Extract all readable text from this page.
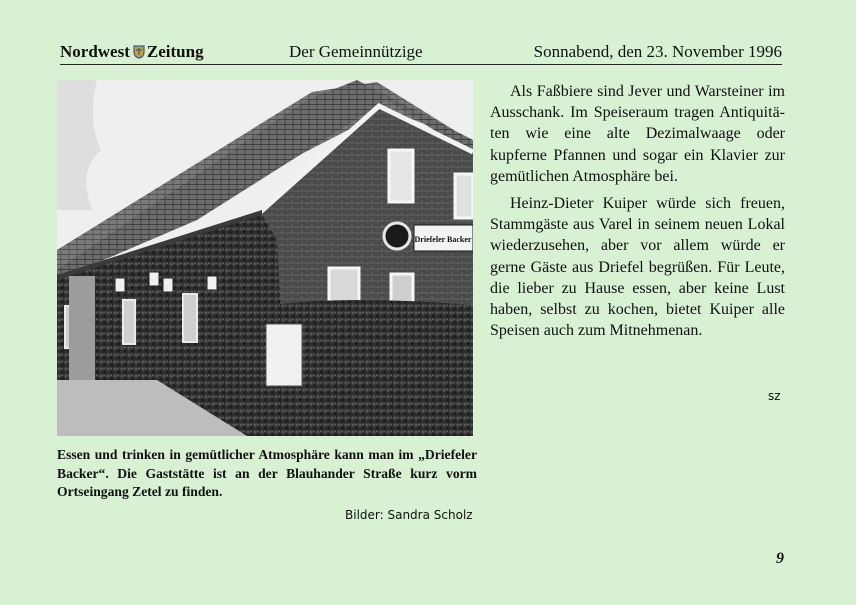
Nordwest Zeitung	Der Gemeinnützige	Sonnabend, den 23. November 1996
Driefeler Backer
Essen und trinken in gemütlicher Atmosphäre kann man im „Driefeler Backer“. Die Gaststätte ist an der Blauhander Straße kurz vorm Ortseingang Zetel zu finden.
Bilder: Sandra Scholz

Als Faßbiere sind Jever und Warsteiner im Ausschank. Im Speiseraum tragen Antiquitä-ten wie eine alte Dezimalwaage oder kupferne Pfannen und sogar ein Klavier zur gemütlichen Atmosphäre bei.

Heinz-Dieter Kuiper würde sich freuen, Stammgäste aus Varel in seinem neuen Lokal wiederzusehen, aber vor allem würde er gerne Gäste aus Driefel begrüßen. Für Leute, die lieber zu Hause essen, aber keine Lust haben, selbst zu kochen, bietet Kuiper alle Speisen auch zum Mitnehmenan.

sz
9
